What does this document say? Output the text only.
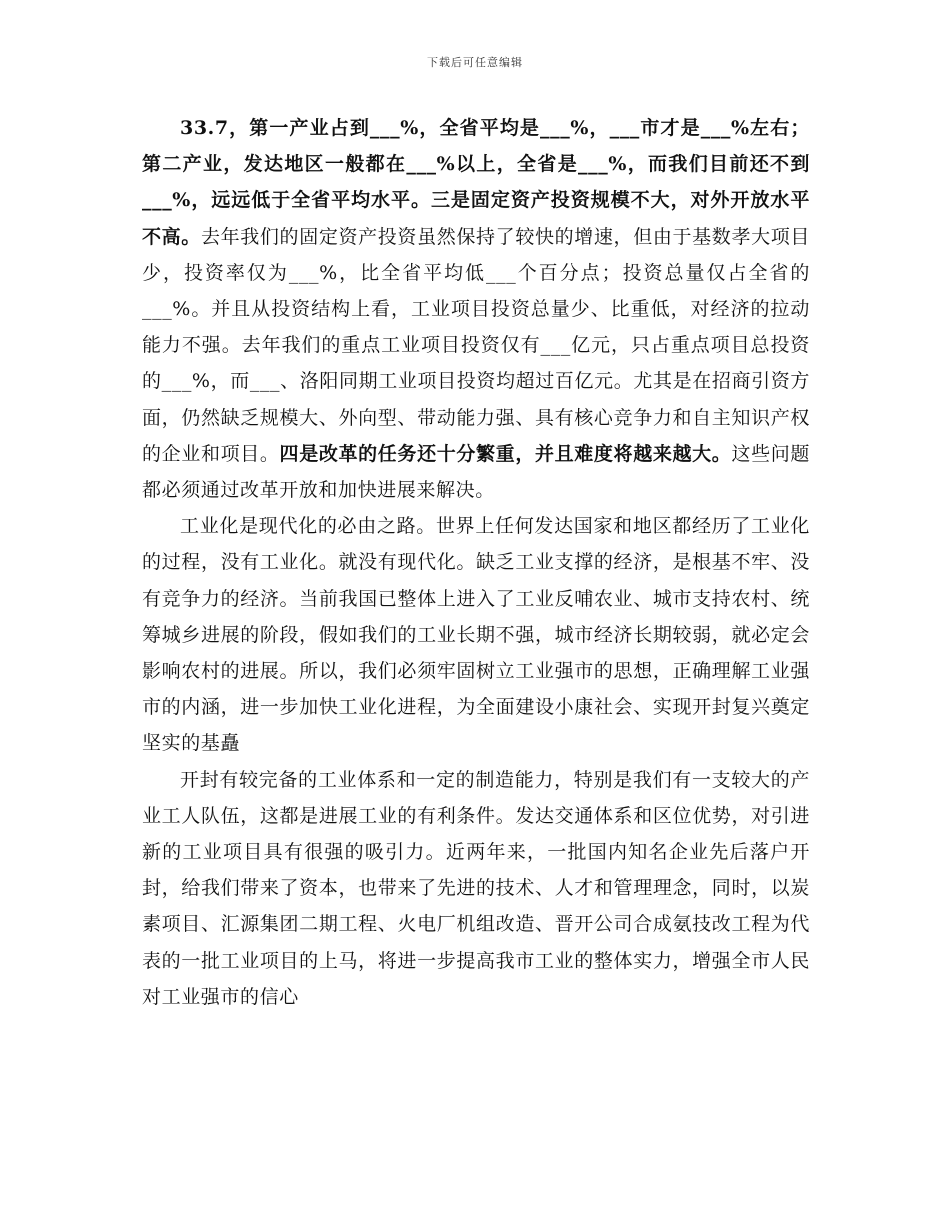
下载后可任意编辑

33.7，第一产业占到___%，全省平均是___%，___市才是___%左右；第二产业，发达地区一般都在___%以上，全省是___%，而我们目前还不到___%，远远低于全省平均水平。三是固定资产投资规模不大，对外开放水平不高。去年我们的固定资产投资虽然保持了较快的增速，但由于基数孝大项目少，投资率仅为___%，比全省平均低___个百分点；投资总量仅占全省的___%。并且从投资结构上看，工业项目投资总量少、比重低，对经济的拉动能力不强。去年我们的重点工业项目投资仅有___亿元，只占重点项目总投资的___%，而___、洛阳同期工业项目投资均超过百亿元。尤其是在招商引资方面，仍然缺乏规模大、外向型、带动能力强、具有核心竞争力和自主知识产权的企业和项目。四是改革的任务还十分繁重，并且难度将越来越大。这些问题都必须通过改革开放和加快进展来解决。

工业化是现代化的必由之路。世界上任何发达国家和地区都经历了工业化的过程，没有工业化。就没有现代化。缺乏工业支撑的经济，是根基不牢、没有竞争力的经济。当前我国已整体上进入了工业反哺农业、城市支持农村、统筹城乡进展的阶段，假如我们的工业长期不强，城市经济长期较弱，就必定会影响农村的进展。所以，我们必须牢固树立工业强市的思想，正确理解工业强市的内涵，进一步加快工业化进程，为全面建设小康社会、实现开封复兴奠定坚实的基矗

开封有较完备的工业体系和一定的制造能力，特别是我们有一支较大的产业工人队伍，这都是进展工业的有利条件。发达交通体系和区位优势，对引进新的工业项目具有很强的吸引力。近两年来，一批国内知名企业先后落户开封，给我们带来了资本，也带来了先进的技术、人才和管理理念，同时，以炭素项目、汇源集团二期工程、火电厂机组改造、晋开公司合成氨技改工程为代表的一批工业项目的上马，将进一步提高我市工业的整体实力，增强全市人民对工业强市的信心
